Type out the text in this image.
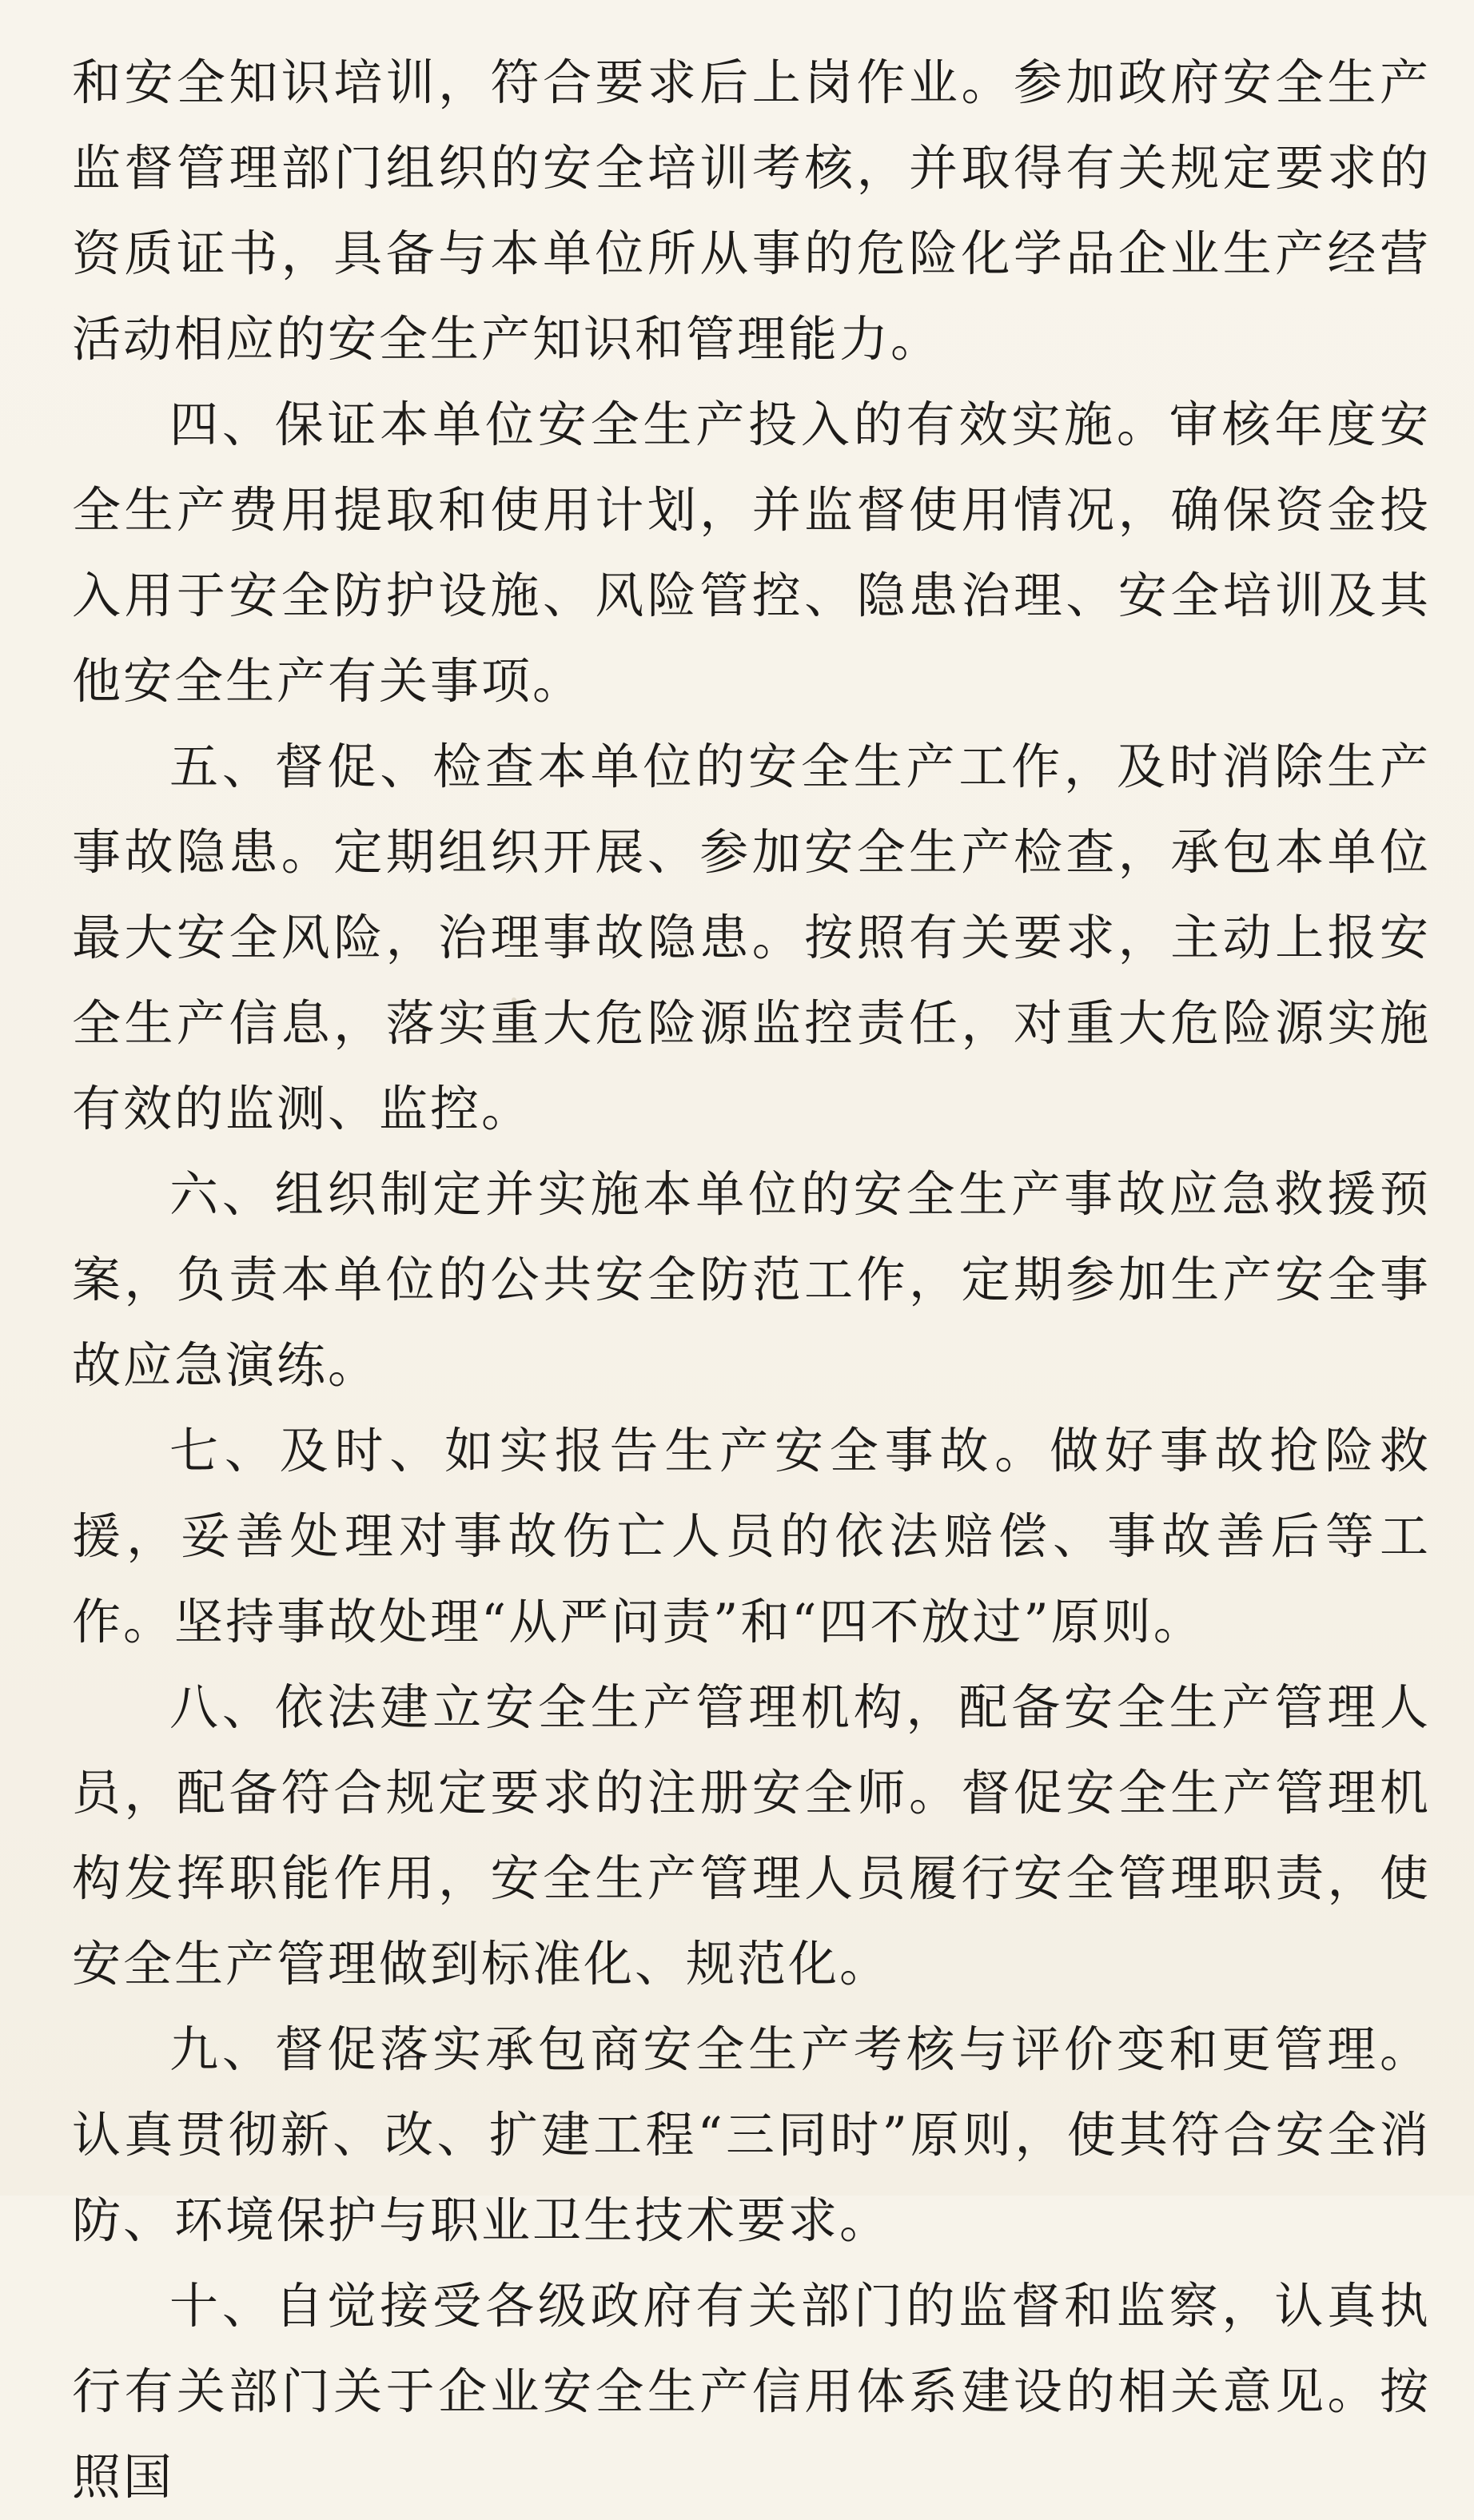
和安全知识培训，符合要求后上岗作业。参加政府安全生产监督管理部门组织的安全培训考核，并取得有关规定要求的资质证书，具备与本单位所从事的危险化学品企业生产经营活动相应的安全生产知识和管理能力。

四、保证本单位安全生产投入的有效实施。审核年度安全生产费用提取和使用计划，并监督使用情况，确保资金投入用于安全防护设施、风险管控、隐患治理、安全培训及其他安全生产有关事项。

五、督促、检查本单位的安全生产工作，及时消除生产事故隐患。定期组织开展、参加安全生产检查，承包本单位最大安全风险，治理事故隐患。按照有关要求，主动上报安全生产信息，落实重大危险源监控责任，对重大危险源实施有效的监测、监控。

六、组织制定并实施本单位的安全生产事故应急救援预案，负责本单位的公共安全防范工作，定期参加生产安全事故应急演练。

七、及时、如实报告生产安全事故。做好事故抢险救援，妥善处理对事故伤亡人员的依法赔偿、事故善后等工作。坚持事故处理“从严问责”和“四不放过”原则。

八、依法建立安全生产管理机构，配备安全生产管理人员，配备符合规定要求的注册安全师。督促安全生产管理机构发挥职能作用，安全生产管理人员履行安全管理职责，使安全生产管理做到标准化、规范化。

九、督促落实承包商安全生产考核与评价变和更管理。认真贯彻新、改、扩建工程“三同时”原则，使其符合安全消防、环境保护与职业卫生技术要求。

十、自觉接受各级政府有关部门的监督和监察，认真执行有关部门关于企业安全生产信用体系建设的相关意见。按照国
